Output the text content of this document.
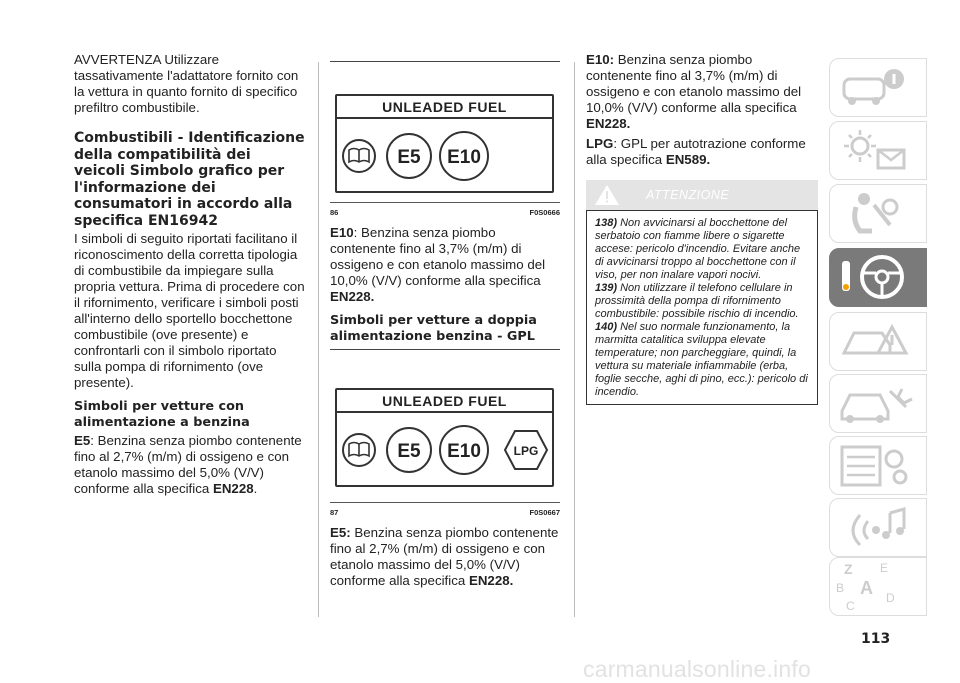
AVVERTENZA Utilizzare tassativamente l'adattatore fornito con la vettura in quanto fornito di specifico prefiltro combustibile.

Combustibili - Identificazione della compatibilità dei veicoli Simbolo grafico per l'informazione dei consumatori in accordo alla specifica EN16942

I simboli di seguito riportati facilitano il riconoscimento della corretta tipologia di combustibile da impiegare sulla propria vettura. Prima di procedere con il rifornimento, verificare i simboli posti all'interno dello sportello bocchettone combustibile (ove presente) e confrontarli con il simbolo riportato sulla pompa di rifornimento (ove presente).

Simboli per vetture con alimentazione a benzina

E5: Benzina senza piombo contenente fino al 2,7% (m/m) di ossigeno e con etanolo massimo del 5,0% (V/V) conforme alla specifica EN228.

UNLEADED FUEL
E5 E10
86	F0S0666

E10: Benzina senza piombo contenente fino al 3,7% (m/m) di ossigeno e con etanolo massimo del 10,0% (V/V) conforme alla specifica EN228.

Simboli per vetture a doppia alimentazione benzina - GPL
UNLEADED FUEL
E5 E10	LPG
87	F0S0667

E5: Benzina senza piombo contenente fino al 2,7% (m/m) di ossigeno e con etanolo massimo del 5,0% (V/V) conforme alla specifica EN228.

E10: Benzina senza piombo contenente fino al 3,7% (m/m) di ossigeno e con etanolo massimo del 10,0% (V/V) conforme alla specifica EN228.

LPG: GPL per autotrazione conforme alla specifica EN589.

ATTENZIONE

138) Non avvicinarsi al bocchettone del serbatoio con fiamme libere o sigarette accese: pericolo d'incendio. Evitare anche di avvicinarsi troppo al bocchettone con il viso, per non inalare vapori nocivi.

139) Non utilizzare il telefono cellulare in prossimità della pompa di rifornimento combustibile: possibile rischio di incendio.

140) Nel suo normale funzionamento, la marmitta catalitica sviluppa elevate temperature; non parcheggiare, quindi, la vettura su materiale infiammabile (erba, foglie secche, aghi di pino, ecc.): pericolo di incendio.

Z E
B A
C
D
113
carmanualsonline.info
